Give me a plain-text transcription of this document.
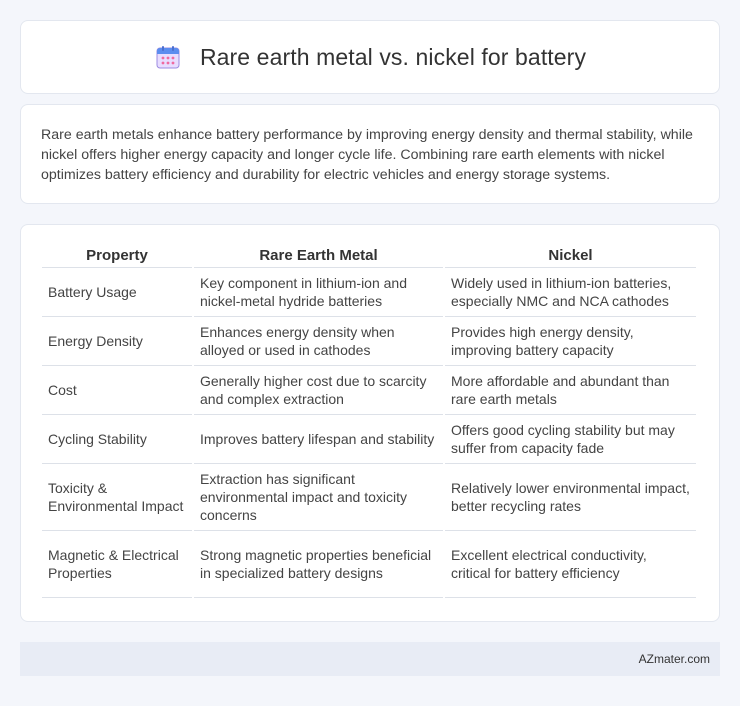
Rare earth metal vs. nickel for battery

Rare earth metals enhance battery performance by improving energy density and thermal stability, while nickel offers higher energy capacity and longer cycle life. Combining rare earth elements with nickel optimizes battery efficiency and durability for electric vehicles and energy storage systems.

Property	Rare Earth Metal	Nickel
Battery Usage	Key component in lithium-ion and nickel-metal hydride batteries	Widely used in lithium-ion batteries, especially NMC and NCA cathodes
Energy Density	Enhances energy density when alloyed or used in cathodes	Provides high energy density, improving battery capacity
Cost	Generally higher cost due to scarcity and complex extraction	More affordable and abundant than rare earth metals
Cycling Stability	Improves battery lifespan and stability	Offers good cycling stability but may suffer from capacity fade
Toxicity & Environmental Impact	Extraction has significant environmental impact and toxicity concerns	Relatively lower environmental impact, better recycling rates
Magnetic & Electrical Properties	Strong magnetic properties beneficial in specialized battery designs	Excellent electrical conductivity, critical for battery efficiency
AZmater.com
